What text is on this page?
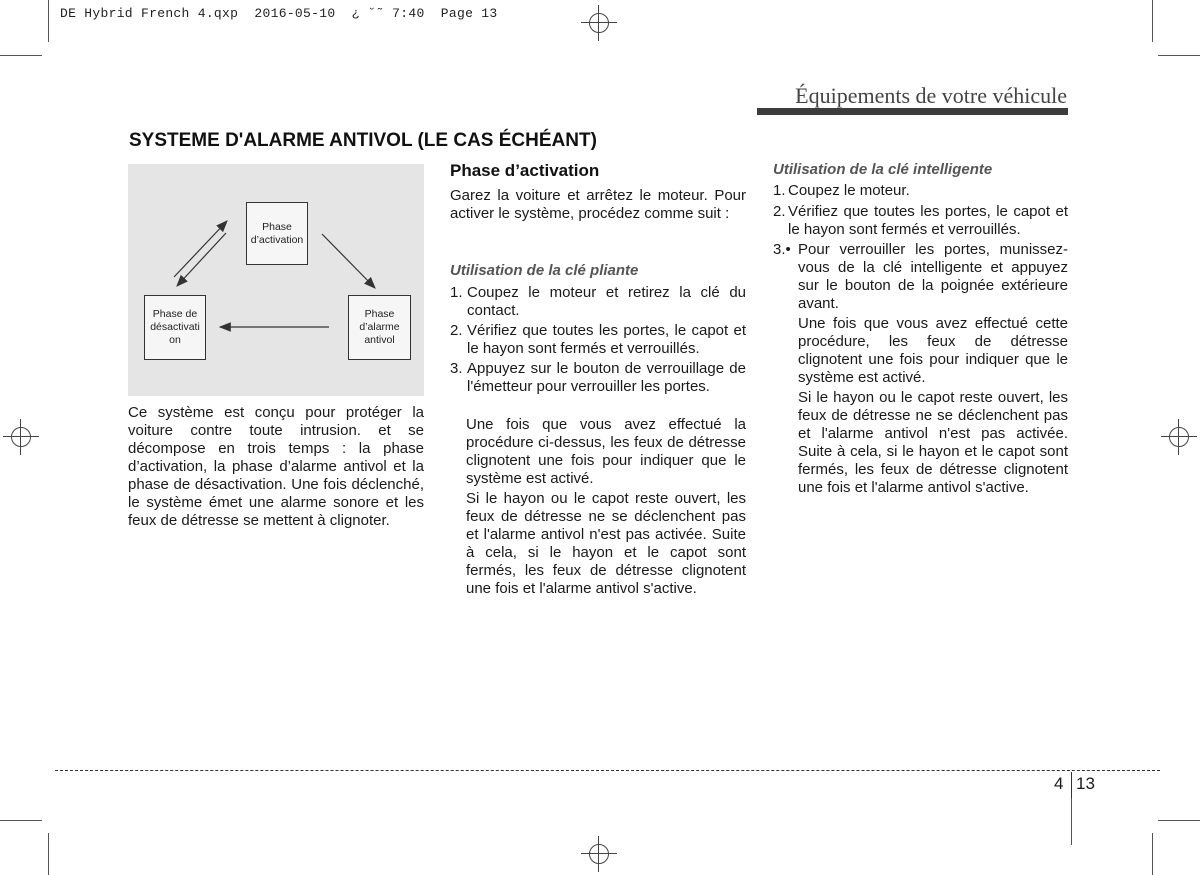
DE Hybrid French 4.qxp  2016-05-10  ¿ ˘˜ 7:40  Page 13
Équipements de votre véhicule
SYSTEME D'ALARME ANTIVOL (LE CAS ÉCHÉANT)
Phase
d’activation
Phase de
désactivati
on
Phase
d’alarme
antivol
Ce système est conçu pour protéger la voiture contre toute intrusion. et se décompose en trois temps : la phase d’activation, la phase d’alarme antivol et la phase de désactivation. Une fois déclenché, le système émet une alarme sonore et les feux de détresse se mettent à clignoter.
Phase d’activation
Garez la voiture et arrêtez le moteur. Pour activer le système, procédez comme suit :
Utilisation de la clé pliante
1. Coupez le moteur et retirez la clé du contact.
2. Vérifiez que toutes les portes, le capot et le hayon sont fermés et verrouillés.
3. Appuyez sur le bouton de verrouillage de l'émetteur pour verrouiller les portes.
Une fois que vous avez effectué la procédure ci-dessus, les feux de détresse clignotent une fois pour indiquer que le système est activé.
Si le hayon ou le capot reste ouvert, les feux de détresse ne se déclenchent pas et l'alarme antivol n'est pas activée. Suite à cela, si le hayon et le capot sont fermés, les feux de détresse clignotent une fois et l'alarme antivol s'active.
Utilisation de la clé intelligente
1. Coupez le moteur.
2. Vérifiez que toutes les portes, le capot et le hayon sont fermés et verrouillés.
3.• Pour verrouiller les portes, munissez-vous de la clé intelligente et appuyez sur le bouton de la poignée extérieure avant.
Une fois que vous avez effectué cette procédure, les feux de détresse clignotent une fois pour indiquer que le système est activé.
Si le hayon ou le capot reste ouvert, les feux de détresse ne se déclenchent pas et l'alarme antivol n'est pas activée. Suite à cela, si le hayon et le capot sont fermés, les feux de détresse clignotent une fois et l'alarme antivol s'active.
4 13
